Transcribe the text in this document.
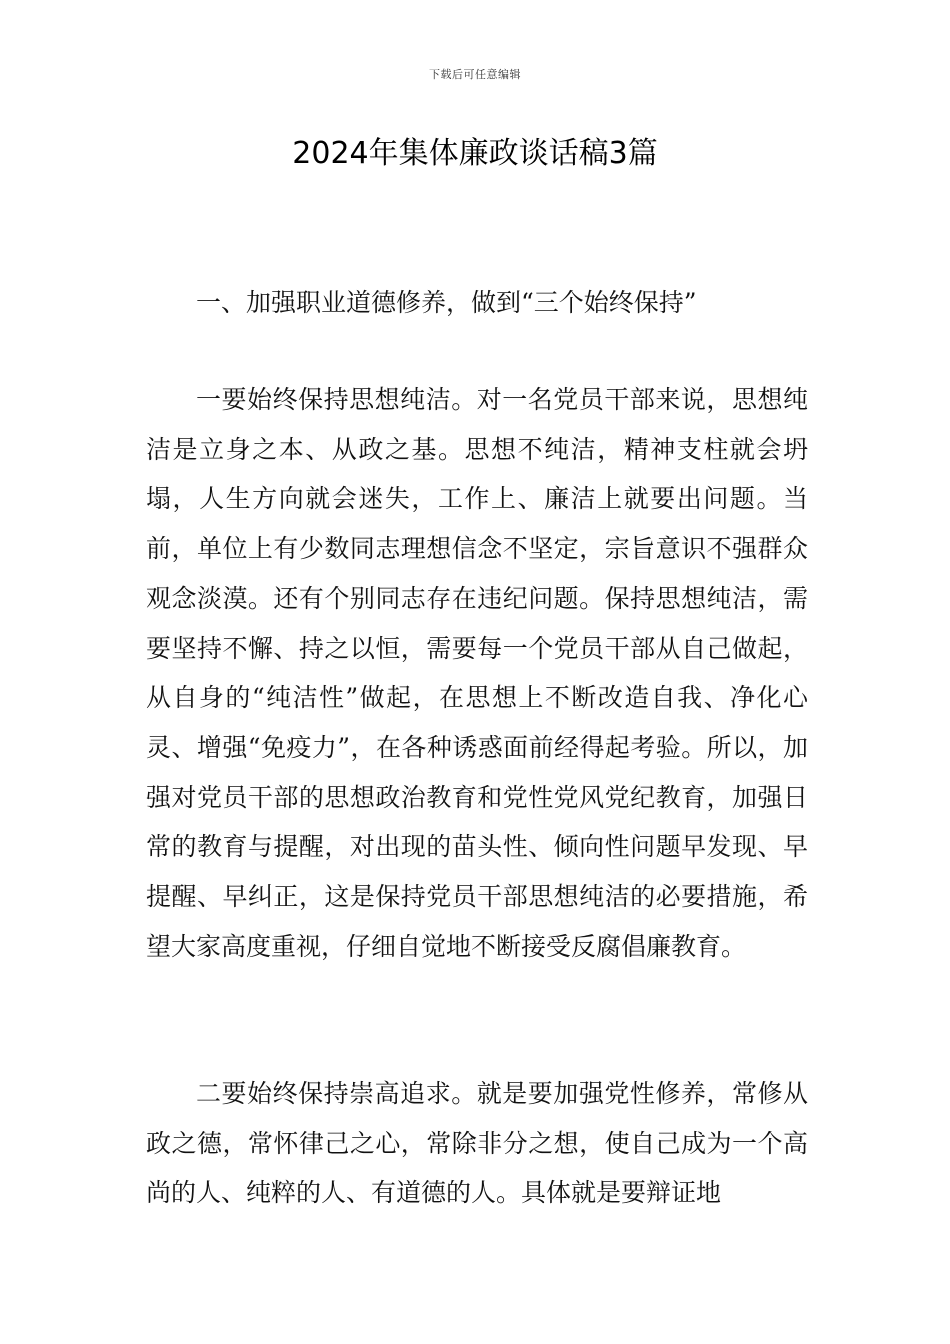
下载后可任意编辑
2024年集体廉政谈话稿3篇

一、加强职业道德修养，做到“三个始终保持”

一要始终保持思想纯洁。对一名党员干部来说，思想纯洁是立身之本、从政之基。思想不纯洁，精神支柱就会坍塌，人生方向就会迷失，工作上、廉洁上就要出问题。当前，单位上有少数同志理想信念不坚定，宗旨意识不强群众观念淡漠。还有个别同志存在违纪问题。保持思想纯洁，需要坚持不懈、持之以恒，需要每一个党员干部从自己做起，从自身的“纯洁性”做起，在思想上不断改造自我、净化心灵、增强“免疫力”，在各种诱惑面前经得起考验。所以，加强对党员干部的思想政治教育和党性党风党纪教育，加强日常的教育与提醒，对出现的苗头性、倾向性问题早发现、早提醒、早纠正，这是保持党员干部思想纯洁的必要措施，希望大家高度重视，仔细自觉地不断接受反腐倡廉教育。

二要始终保持崇高追求。就是要加强党性修养，常修从政之德，常怀律己之心，常除非分之想，使自己成为一个高尚的人、纯粹的人、有道德的人。具体就是要辩证地
